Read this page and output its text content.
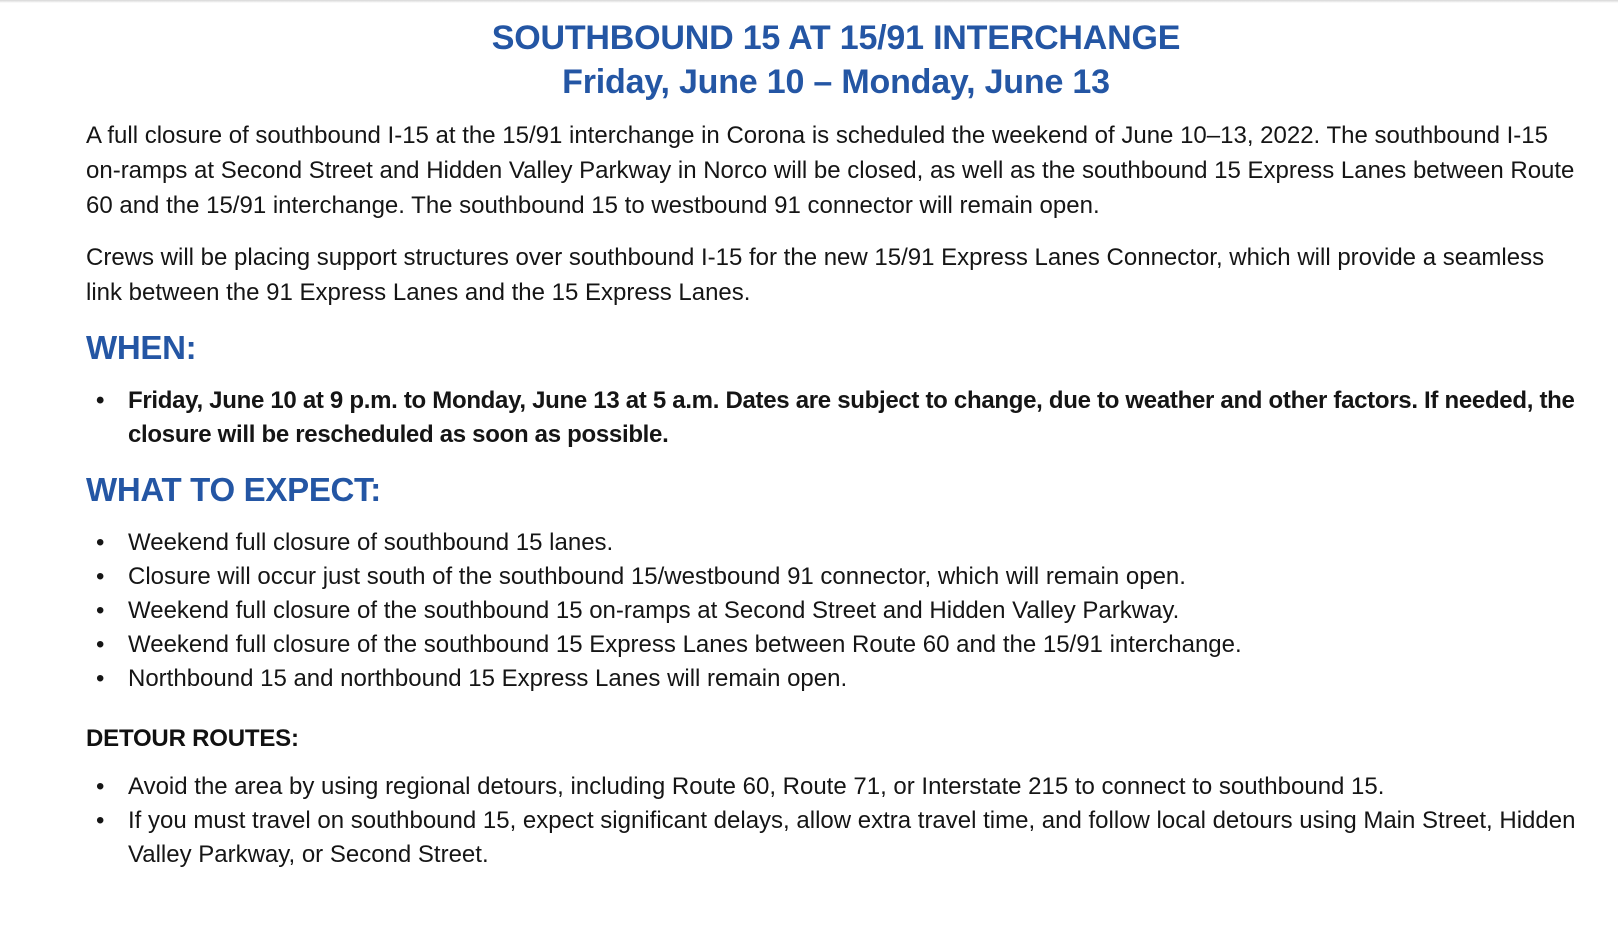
SOUTHBOUND 15 AT 15/91 INTERCHANGE
Friday, June 10 – Monday, June 13

A full closure of southbound I-15 at the 15/91 interchange in Corona is scheduled the weekend of June 10–13, 2022. The southbound I-15 on-ramps at Second Street and Hidden Valley Parkway in Norco will be closed, as well as the southbound 15 Express Lanes between Route 60 and the 15/91 interchange. The southbound 15 to westbound 91 connector will remain open.

Crews will be placing support structures over southbound I-15 for the new 15/91 Express Lanes Connector, which will provide a seamless link between the 91 Express Lanes and the 15 Express Lanes.

WHEN:
• Friday, June 10 at 9 p.m. to Monday, June 13 at 5 a.m. Dates are subject to change, due to weather and other factors. If needed, the closure will be rescheduled as soon as possible.
WHAT TO EXPECT:
• Weekend full closure of southbound 15 lanes.
• Closure will occur just south of the southbound 15/westbound 91 connector, which will remain open.
• Weekend full closure of the southbound 15 on-ramps at Second Street and Hidden Valley Parkway.
• Weekend full closure of the southbound 15 Express Lanes between Route 60 and the 15/91 interchange.
• Northbound 15 and northbound 15 Express Lanes will remain open.
DETOUR ROUTES:
• Avoid the area by using regional detours, including Route 60, Route 71, or Interstate 215 to connect to southbound 15.
• If you must travel on southbound 15, expect significant delays, allow extra travel time, and follow local detours using Main Street, Hidden Valley Parkway, or Second Street.
